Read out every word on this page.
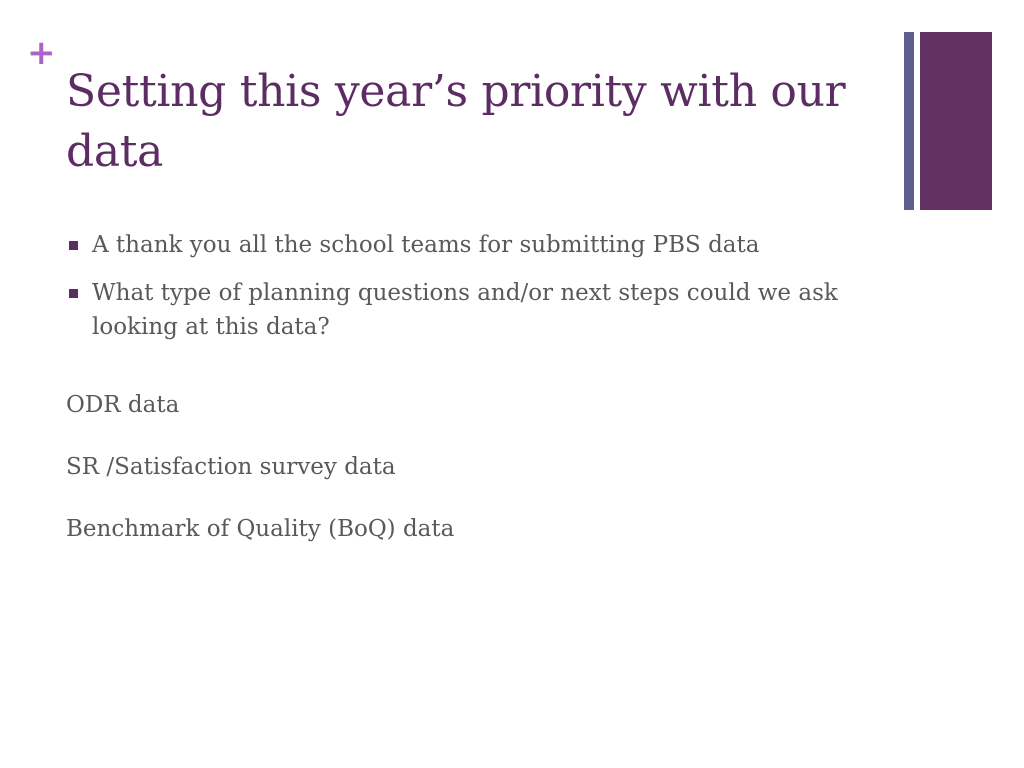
+
Setting this year’s priority with our data
A thank you all the school teams for submitting PBS data
What type of planning questions and/or next steps could we ask looking at this data?

ODR data

SR /Satisfaction survey data

Benchmark of Quality (BoQ) data
